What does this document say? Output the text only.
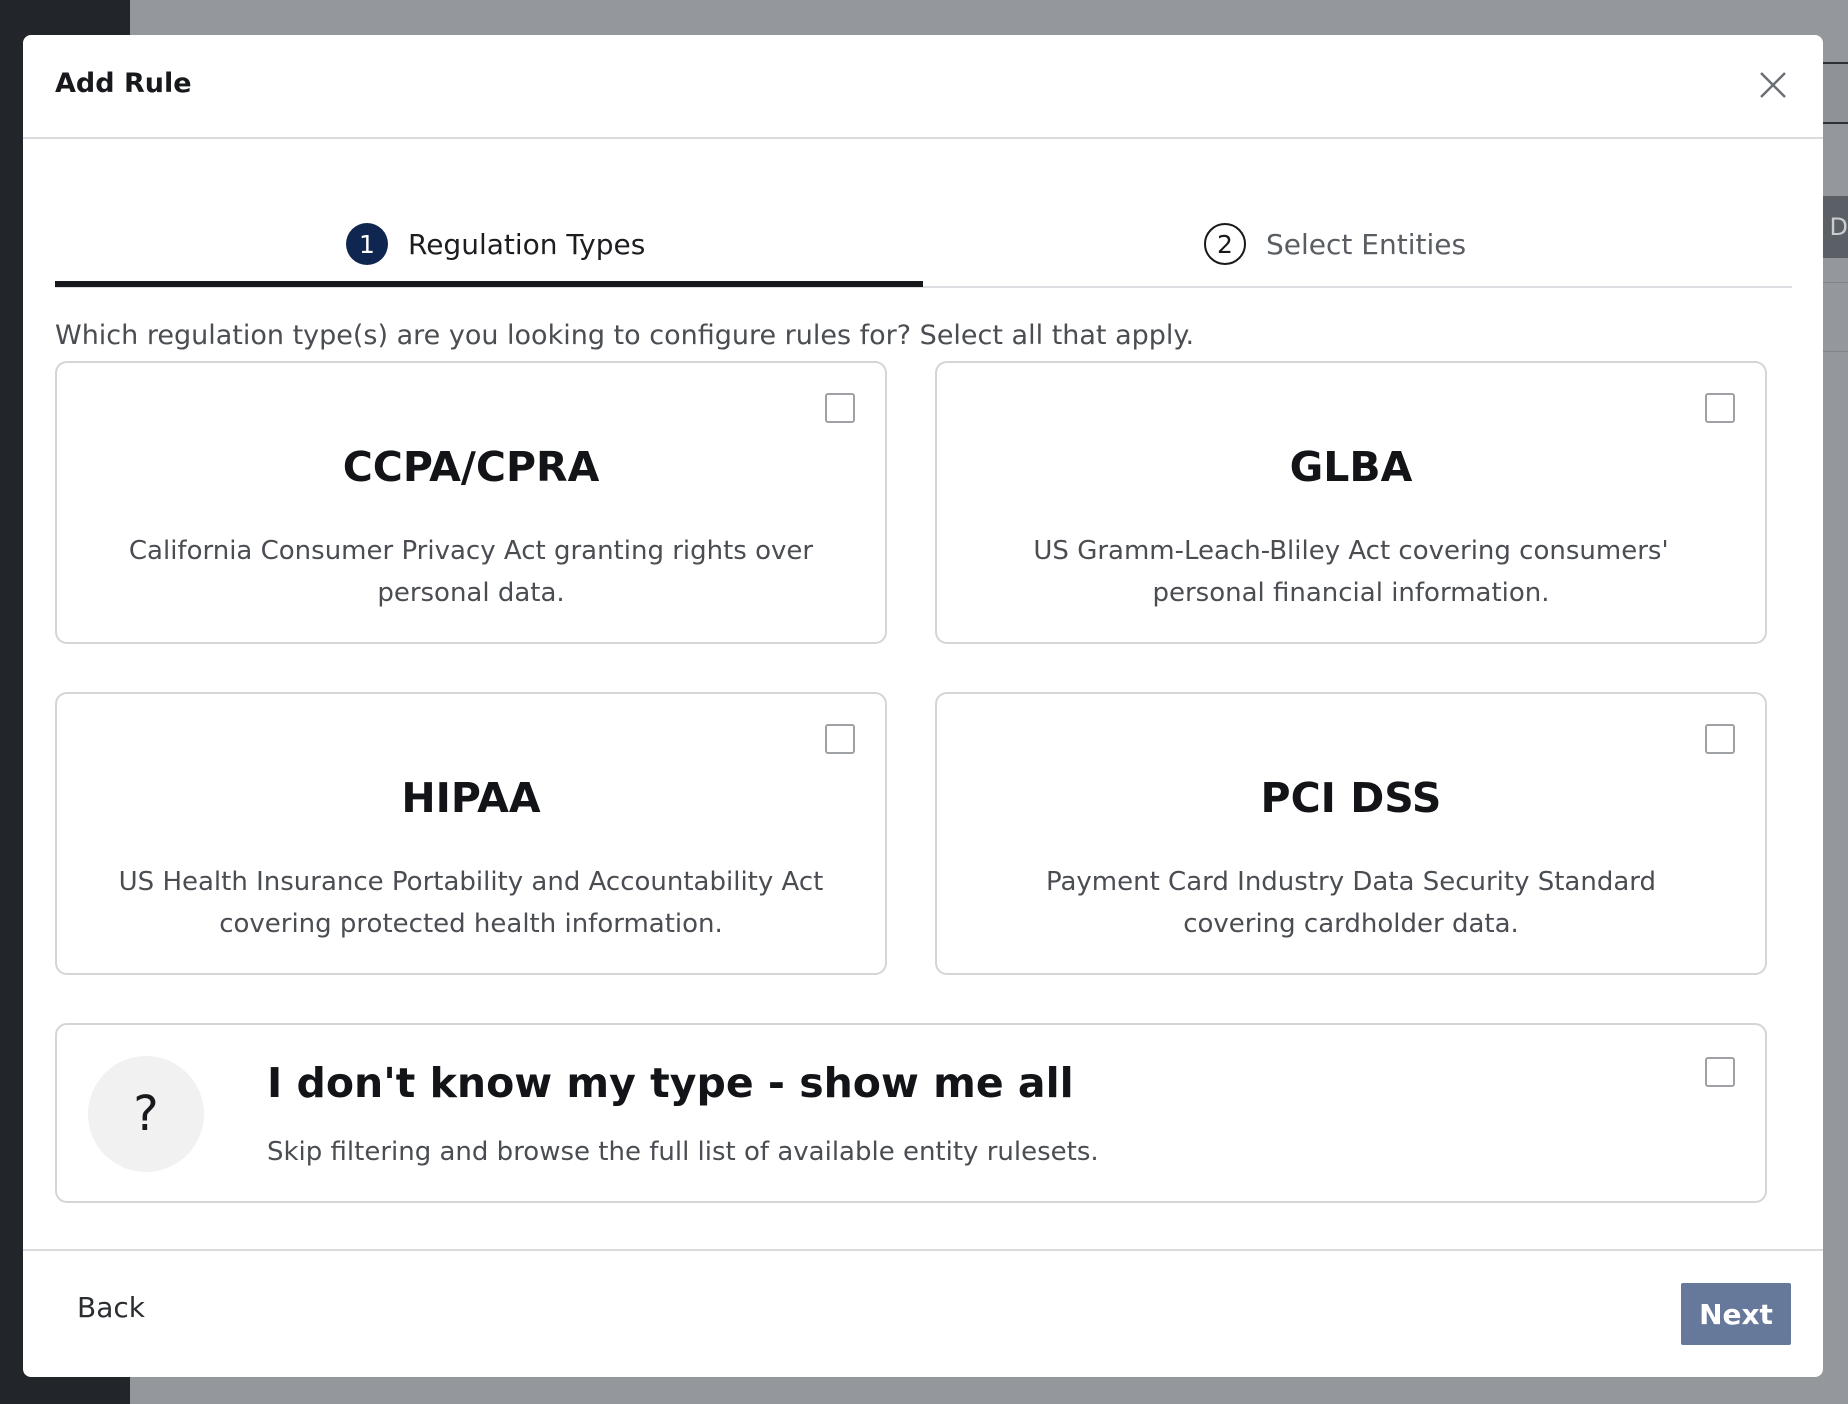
D
Add Rule
1	Regulation Types	2	Select Entities
Which regulation type(s) are you looking to configure rules for? Select all that apply.
CCPA/CPRA
California Consumer Privacy Act granting rights over personal data.
GLBA
US Gramm-Leach-Bliley Act covering consumers' personal financial information.
HIPAA
US Health Insurance Portability and Accountability Act covering protected health information.
PCI DSS
Payment Card Industry Data Security Standard covering cardholder data.
?
I don't know my type - show me all
Skip filtering and browse the full list of available entity rulesets.
Back	Next
